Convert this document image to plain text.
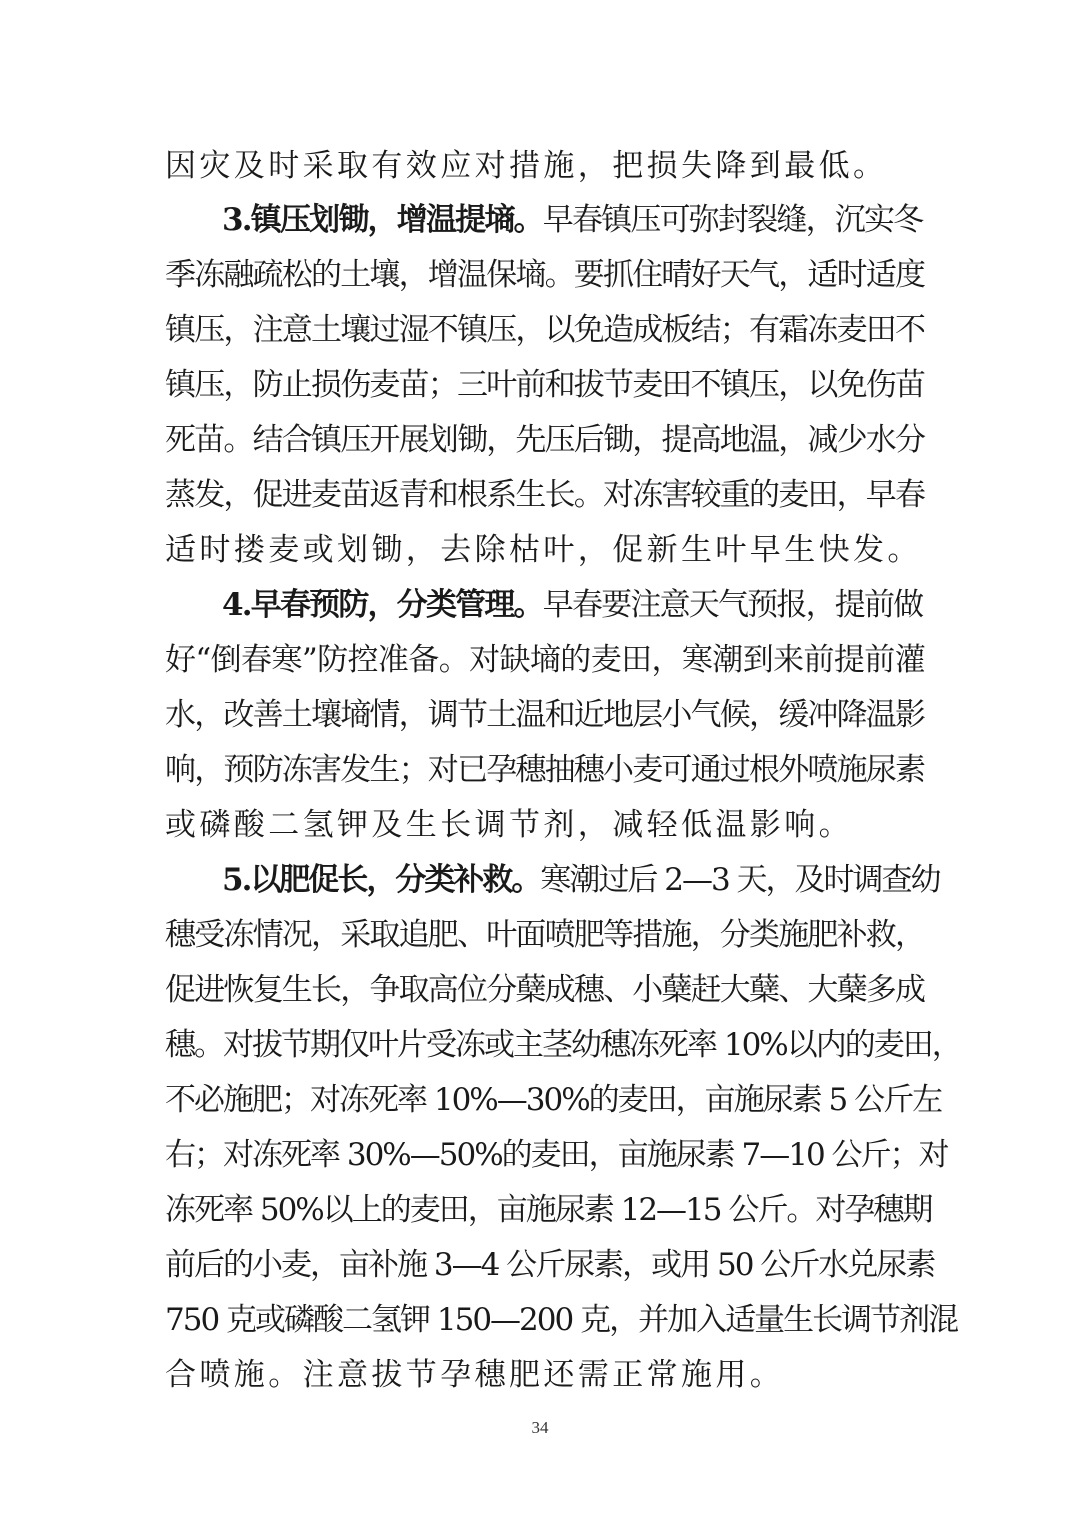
因灾及时采取有效应对措施，把损失降到最低。
3.镇压划锄，增温提墒。早春镇压可弥封裂缝，沉实冬
季冻融疏松的土壤，增温保墒。要抓住晴好天气，适时适度
镇压，注意土壤过湿不镇压，以免造成板结；有霜冻麦田不
镇压，防止损伤麦苗；三叶前和拔节麦田不镇压，以免伤苗
死苗。结合镇压开展划锄，先压后锄，提高地温，减少水分
蒸发，促进麦苗返青和根系生长。对冻害较重的麦田，早春
适时搂麦或划锄，去除枯叶，促新生叶早生快发。
4.早春预防，分类管理。早春要注意天气预报，提前做
好“倒春寒”防控准备。对缺墒的麦田，寒潮到来前提前灌
水，改善土壤墒情，调节土温和近地层小气候，缓冲降温影
响，预防冻害发生；对已孕穗抽穗小麦可通过根外喷施尿素
或磷酸二氢钾及生长调节剂，减轻低温影响。
5.以肥促长，分类补救。寒潮过后 2—3 天，及时调查幼
穗受冻情况，采取追肥、叶面喷肥等措施，分类施肥补救，
促进恢复生长，争取高位分蘖成穗、小蘖赶大蘖、大蘖多成
穗。对拔节期仅叶片受冻或主茎幼穗冻死率 10%以内的麦田，
不必施肥；对冻死率 10%—30%的麦田，亩施尿素 5 公斤左
右；对冻死率 30%—50%的麦田，亩施尿素 7—10 公斤；对
冻死率 50%以上的麦田，亩施尿素 12—15 公斤。对孕穗期
前后的小麦，亩补施 3—4 公斤尿素，或用 50 公斤水兑尿素
750 克或磷酸二氢钾 150—200 克，并加入适量生长调节剂混
合喷施。注意拔节孕穗肥还需正常施用。
34
